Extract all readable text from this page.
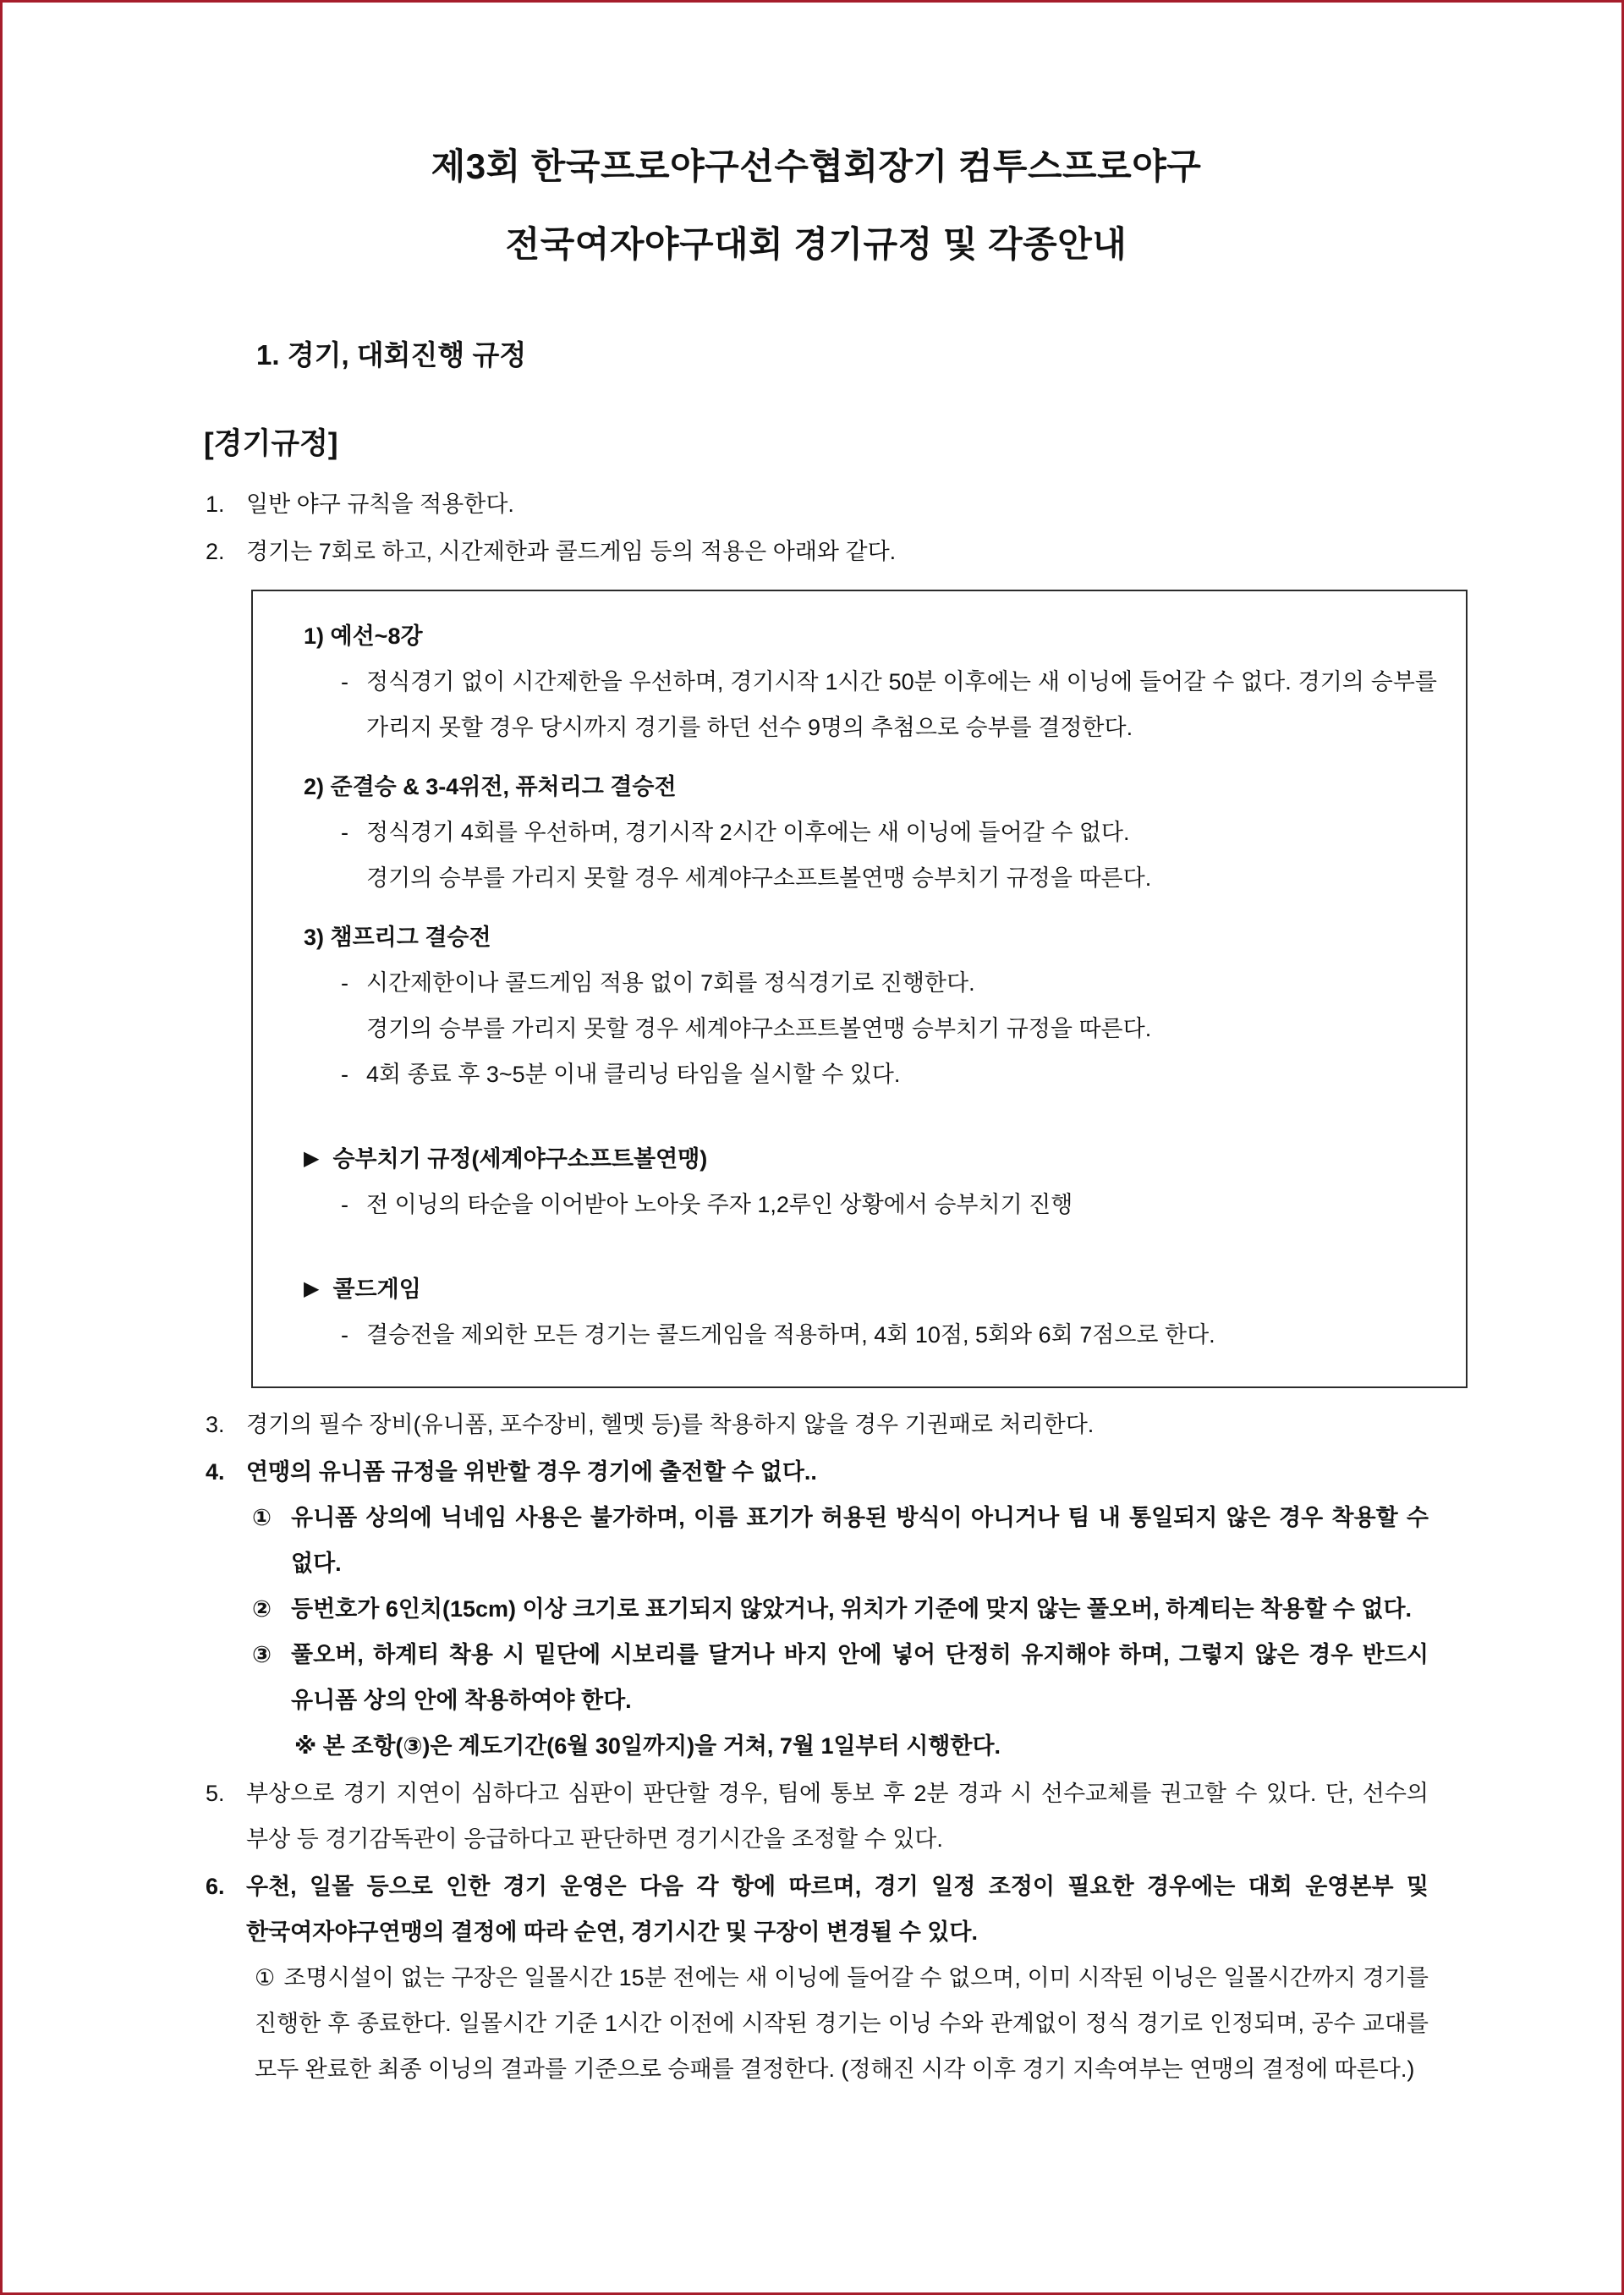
제3회 한국프로야구선수협회장기 컴투스프로야구
전국여자야구대회 경기규정 및 각종안내
1. 경기, 대회진행 규정
[경기규정]
1. 일반 야구 규칙을 적용한다.
2. 경기는 7회로 하고, 시간제한과 콜드게임 등의 적용은 아래와 같다.
1) 예선~8강
- 정식경기 없이 시간제한을 우선하며, 경기시작 1시간 50분 이후에는 새 이닝에 들어갈 수 없다. 경기의 승부를 가리지 못할 경우 당시까지 경기를 하던 선수 9명의 추첨으로 승부를 결정한다.
2) 준결승 & 3-4위전, 퓨처리그 결승전
- 정식경기 4회를 우선하며, 경기시작 2시간 이후에는 새 이닝에 들어갈 수 없다.
경기의 승부를 가리지 못할 경우 세계야구소프트볼연맹 승부치기 규정을 따른다.
3) 챔프리그 결승전
- 시간제한이나 콜드게임 적용 없이 7회를 정식경기로 진행한다.
경기의 승부를 가리지 못할 경우 세계야구소프트볼연맹 승부치기 규정을 따른다.
- 4회 종료 후 3~5분 이내 클리닝 타임을 실시할 수 있다.
▶ 승부치기 규정(세계야구소프트볼연맹)
- 전 이닝의 타순을 이어받아 노아웃 주자 1,2루인 상황에서 승부치기 진행
▶ 콜드게임
- 결승전을 제외한 모든 경기는 콜드게임을 적용하며, 4회 10점, 5회와 6회 7점으로 한다.
3. 경기의 필수 장비(유니폼, 포수장비, 헬멧 등)를 착용하지 않을 경우 기권패로 처리한다.
4. 연맹의 유니폼 규정을 위반할 경우 경기에 출전할 수 없다..
① 유니폼 상의에 닉네임 사용은 불가하며, 이름 표기가 허용된 방식이 아니거나 팀 내 통일되지 않은 경우 착용할 수 없다.
② 등번호가 6인치(15cm) 이상 크기로 표기되지 않았거나, 위치가 기준에 맞지 않는 풀오버, 하계티는 착용할 수 없다.
③ 풀오버, 하계티 착용 시 밑단에 시보리를 달거나 바지 안에 넣어 단정히 유지해야 하며, 그렇지 않은 경우 반드시 유니폼 상의 안에 착용하여야 한다.
※ 본 조항(③)은 계도기간(6월 30일까지)을 거쳐, 7월 1일부터 시행한다.
5. 부상으로 경기 지연이 심하다고 심판이 판단할 경우, 팀에 통보 후 2분 경과 시 선수교체를 권고할 수 있다. 단, 선수의 부상 등 경기감독관이 응급하다고 판단하면 경기시간을 조정할 수 있다.
6. 우천, 일몰 등으로 인한 경기 운영은 다음 각 항에 따르며, 경기 일정 조정이 필요한 경우에는 대회 운영본부 및 한국여자야구연맹의 결정에 따라 순연, 경기시간 및 구장이 변경될 수 있다.
① 조명시설이 없는 구장은 일몰시간 15분 전에는 새 이닝에 들어갈 수 없으며, 이미 시작된 이닝은 일몰시간까지 경기를 진행한 후 종료한다. 일몰시간 기준 1시간 이전에 시작된 경기는 이닝 수와 관계없이 정식 경기로 인정되며, 공수 교대를 모두 완료한 최종 이닝의 결과를 기준으로 승패를 결정한다. (정해진 시각 이후 경기 지속여부는 연맹의 결정에 따른다.)
